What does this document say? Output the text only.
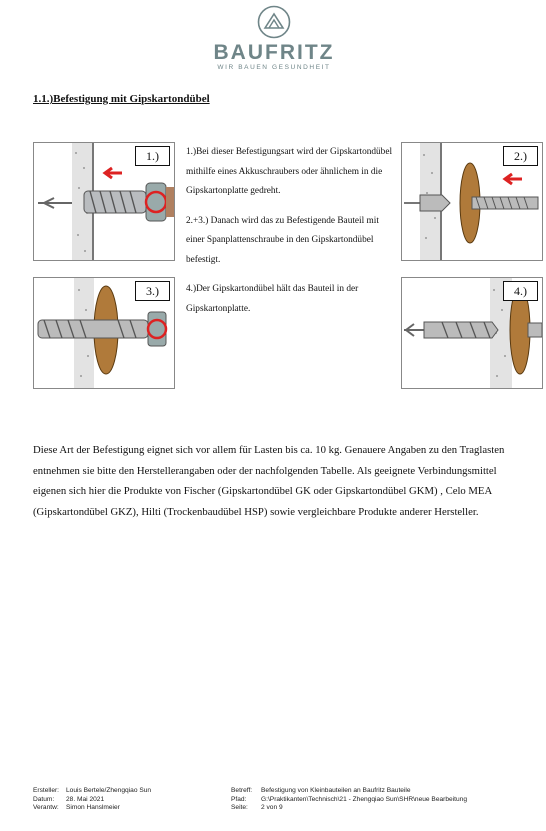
BAUFRITZ
WIR BAUEN GESUNDHEIT
1.1.)Befestigung mit Gipskartondübel
1.)	2.)
3.)	4.)

1.)Bei dieser Befestigungsart wird der Gipskartondübel mithilfe eines Akkuschraubers oder ähnlichem in die Gipskartonplatte gedreht.

2.+3.) Danach wird das zu Befestigende Bauteil mit einer Spanplattenschraube in den Gipskartondübel befestigt.

4.)Der Gipskartondübel hält das Bauteil in der Gipskartonplatte.

Diese Art der Befestigung eignet sich vor allem für Lasten bis ca. 10 kg. Genauere Angaben zu den Traglasten entnehmen sie bitte den Herstellerangaben oder der nachfolgenden Tabelle. Als geeignete Verbindungsmittel eigenen sich hier die Produkte von Fischer (Gipskartondübel GK oder Gipskartondübel GKM) , Celo MEA (Gipskartondübel GKZ), Hilti (Trockenbaudübel HSP) sowie vergleichbare Produkte anderer Hersteller.
Ersteller: Louis Bertele/Zhengqiao Sun
Datum: 28. Mai 2021
Verantw: Simon Hanslmeier
Betreff: Befestigung von Kleinbauteilen an Baufritz Bauteile
Pfad: G:\Praktikanten\Technisch\21 - Zhengqiao Sun\SHR\neue Bearbeitung
Seite: 2 von 9
